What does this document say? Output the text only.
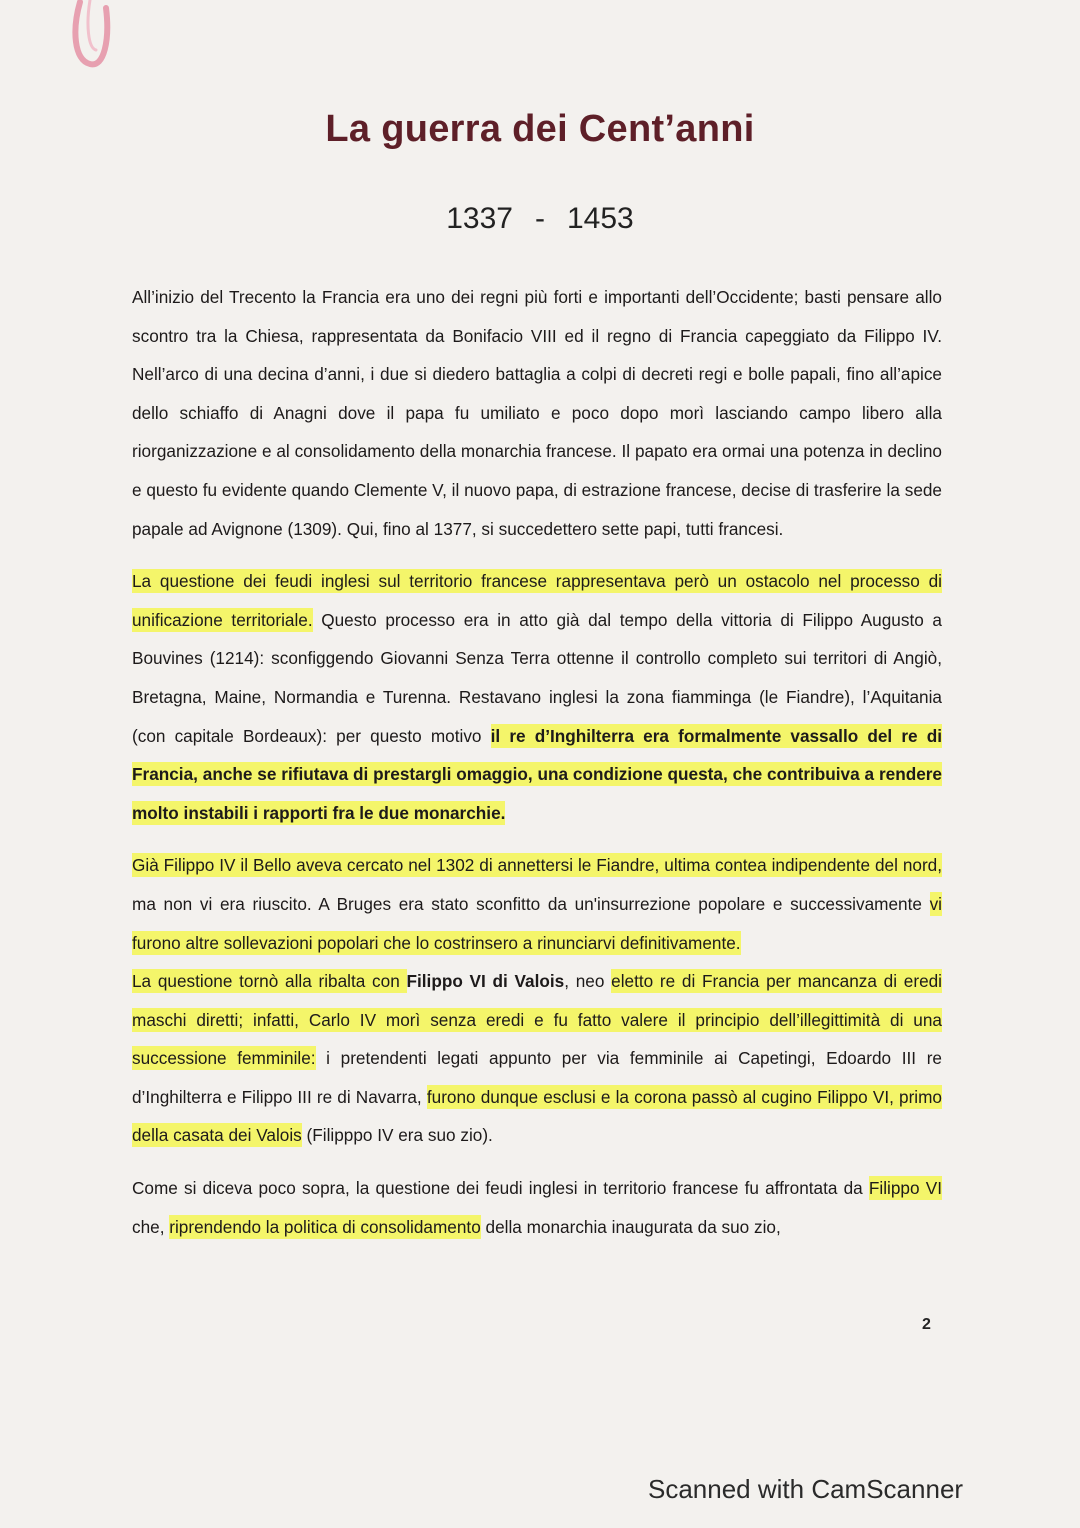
La guerra dei Cent’anni
1337 - 1453

All’inizio del Trecento la Francia era uno dei regni più forti e importanti dell’Occidente; basti pensare allo scontro tra la Chiesa, rappresentata da Bonifacio VIII ed il regno di Francia capeggiato da Filippo IV. Nell’arco di una decina d’anni, i due si diedero battaglia a colpi di decreti regi e bolle papali, fino all’apice dello schiaffo di Anagni dove il papa fu umiliato e poco dopo morì lasciando campo libero alla riorganizzazione e al consolidamento della monarchia francese. Il papato era ormai una potenza in declino e questo fu evidente quando Clemente V, il nuovo papa, di estrazione francese, decise di trasferire la sede papale ad Avignone (1309). Qui, fino al 1377, si succedettero sette papi, tutti francesi.

La questione dei feudi inglesi sul territorio francese rappresentava però un ostacolo nel processo di unificazione territoriale. Questo processo era in atto già dal tempo della vittoria di Filippo Augusto a Bouvines (1214): sconfiggendo Giovanni Senza Terra ottenne il controllo completo sui territori di Angiò, Bretagna, Maine, Normandia e Turenna. Restavano inglesi la zona fiamminga (le Fiandre), l’Aquitania (con capitale Bordeaux): per questo motivo il re d’Inghilterra era formalmente vassallo del re di Francia, anche se rifiutava di prestargli omaggio, una condizione questa, che contribuiva a rendere molto instabili i rapporti fra le due monarchie.

Già Filippo IV il Bello aveva cercato nel 1302 di annettersi le Fiandre, ultima contea indipendente del nord, ma non vi era riuscito. A Bruges era stato sconfitto da un'insurrezione popolare e successivamente vi furono altre sollevazioni popolari che lo costrinsero a rinunciarvi definitivamente.

La questione tornò alla ribalta con Filippo VI di Valois, neo eletto re di Francia per mancanza di eredi maschi diretti; infatti, Carlo IV morì senza eredi e fu fatto valere il principio dell’illegittimità di una successione femminile: i pretendenti legati appunto per via femminile ai Capetingi, Edoardo III re d’Inghilterra e Filippo III re di Navarra, furono dunque esclusi e la corona passò al cugino Filippo VI, primo della casata dei Valois (Filipppo IV era suo zio).

Come si diceva poco sopra, la questione dei feudi inglesi in territorio francese fu affrontata da Filippo VI che, riprendendo la politica di consolidamento della monarchia inaugurata da suo zio,

2
Scanned with CamScanner
